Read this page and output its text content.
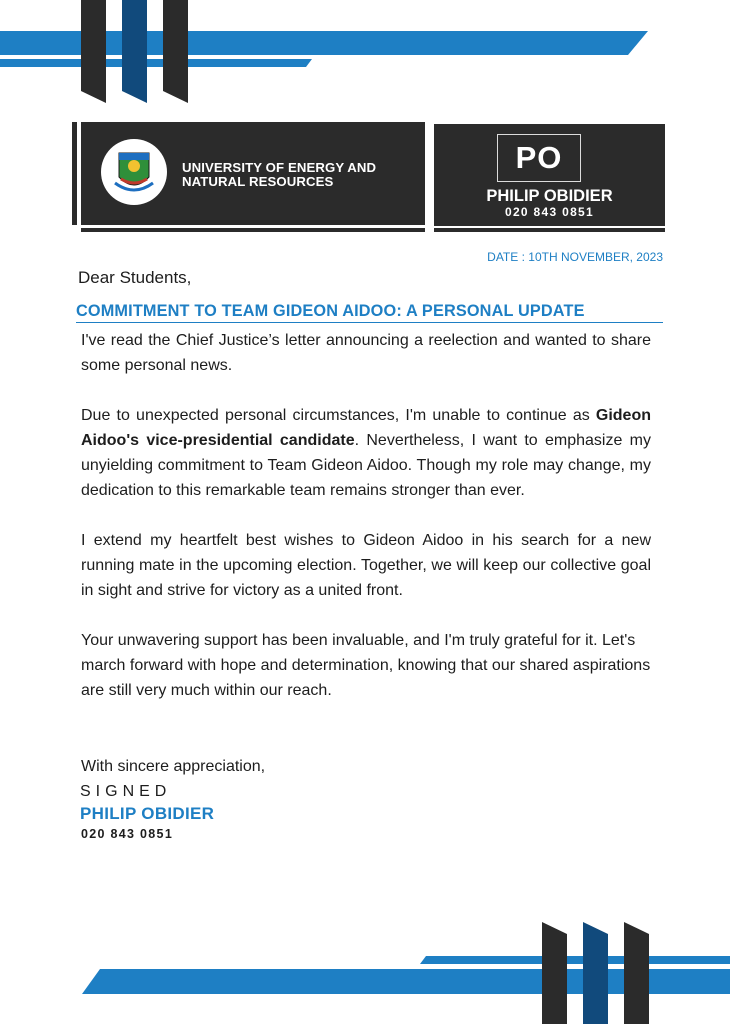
UNIVERSITY OF ENERGY AND
NATURAL RESOURCES
PO
PHILIP OBIDIER
020 843 0851
DATE : 10TH NOVEMBER, 2023
Dear Students,
COMMITMENT TO TEAM GIDEON AIDOO: A PERSONAL UPDATE

I've read the Chief Justice’s letter announcing a reelection and wanted to share some personal news.

Due to unexpected personal circumstances, I'm unable to continue as Gideon Aidoo's vice-presidential candidate. Nevertheless, I want to emphasize my unyielding commitment to Team Gideon Aidoo. Though my role may change, my dedication to this remarkable team remains stronger than ever.

I extend my heartfelt best wishes to Gideon Aidoo in his search for a new running mate in the upcoming election. Together, we will keep our collective goal in sight and strive for victory as a united front.

Your unwavering support has been invaluable, and I'm truly grateful for it. Let's march forward with hope and determination, knowing that our shared aspirations are still very much within our reach.

With sincere appreciation,
SIGNED
PHILIP OBIDIER
020 843 0851
